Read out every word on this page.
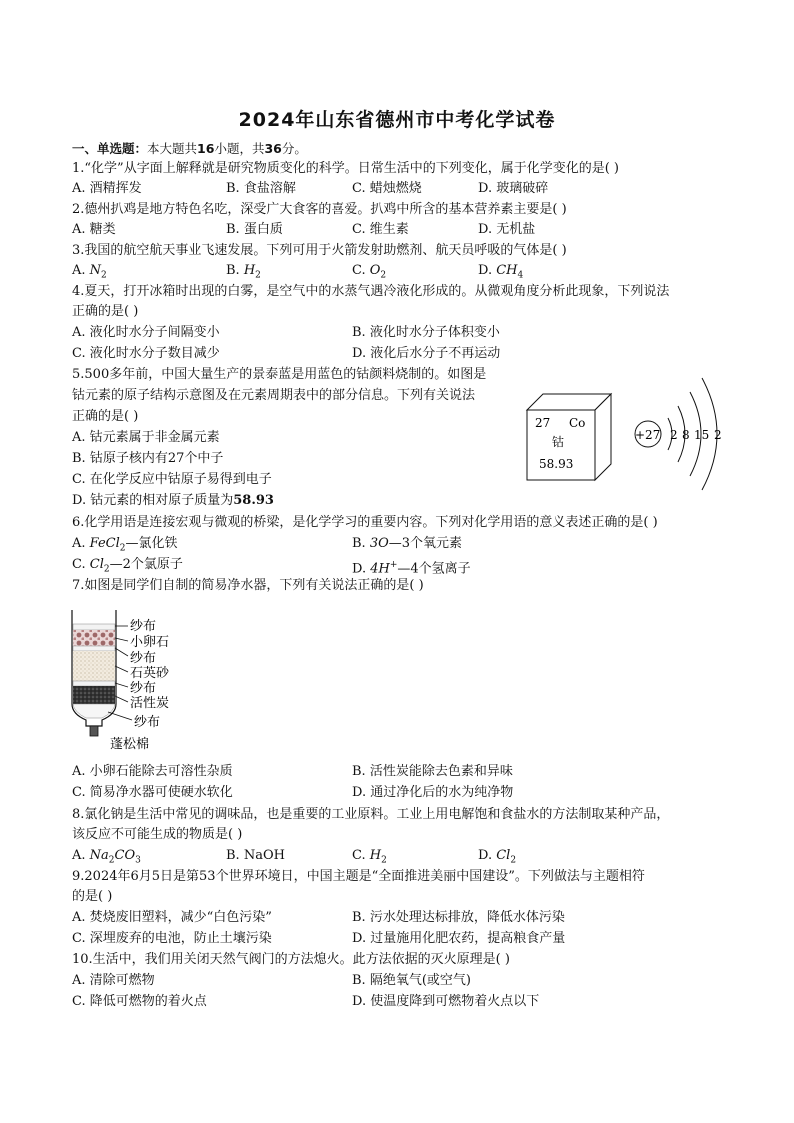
2024年山东省德州市中考化学试卷
一、单选题：本大题共16小题，共36分。
1.“化学”从字面上解释就是研究物质变化的科学。日常生活中的下列变化，属于化学变化的是( )
A. 酒精挥发	B. 食盐溶解	C. 蜡烛燃烧	D. 玻璃破碎
2.德州扒鸡是地方特色名吃，深受广大食客的喜爱。扒鸡中所含的基本营养素主要是( )
A. 糖类	B. 蛋白质	C. 维生素	D. 无机盐
3.我国的航空航天事业飞速发展。下列可用于火箭发射助燃剂、航天员呼吸的气体是( )
A. $N_2$	B. $H_2$	C. $O_2$	D. $CH_4$
4.夏天，打开冰箱时出现的白雾，是空气中的水蒸气遇冷液化形成的。从微观角度分析此现象，下列说法
正确的是( )
A. 液化时水分子间隔变小	B. 液化时水分子体积变小
C. 液化时水分子数目减少	D. 液化后水分子不再运动
5.500多年前，中国大量生产的景泰蓝是用蓝色的钴颜料烧制的。如图是
钴元素的原子结构示意图及在元素周期表中的部分信息。下列有关说法
正确的是( )
A. 钴元素属于非金属元素
B. 钴原子核内有27个中子
C. 在化学反应中钴原子易得到电子
D. 钴元素的相对原子质量为58.93
27 Co
钴
58.93
+27 2 8 15 2
6.化学用语是连接宏观与微观的桥梁，是化学学习的重要内容。下列对化学用语的意义表述正确的是( )
A. FeCl$_2$—氯化铁	B. 3O—3个氧元素
C. $Cl_2—2$个氯原子	D. 4H+—4个氢离子
7.如图是同学们自制的简易净水器，下列有关说法正确的是( )
纱布
小卵石
纱布
石英砂
纱布
活性炭
纱布
蓬松棉
A. 小卵石能除去可溶性杂质	B. 活性炭能除去色素和异味
C. 简易净水器可使硬水软化	D. 通过净化后的水为纯净物
8.氯化钠是生活中常见的调味品，也是重要的工业原料。工业上用电解饱和食盐水的方法制取某种产品，
该反应不可能生成的物质是( )
A. $Na_2CO_3$	B. NaOH	C. $H_2$	D. $Cl_2$
9.2024年6月5日是第53个世界环境日，中国主题是“全面推进美丽中国建设”。下列做法与主题相符
的是( )
A. 焚烧废旧塑料，减少“白色污染”	B. 污水处理达标排放，降低水体污染
C. 深埋废弃的电池，防止土壤污染	D. 过量施用化肥农药，提高粮食产量
10.生活中，我们用关闭天然气阀门的方法熄火。此方法依据的灭火原理是( )
A. 清除可燃物	B. 隔绝氧气(或空气)
C. 降低可燃物的着火点	D. 使温度降到可燃物着火点以下
